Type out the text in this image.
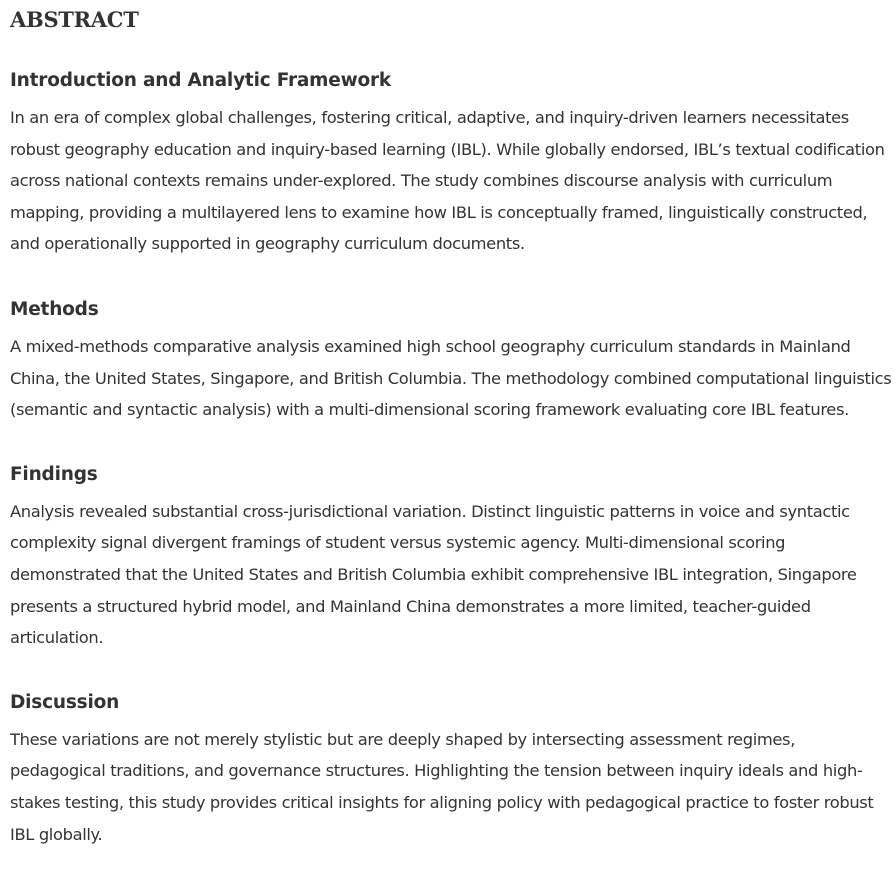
ABSTRACT
Introduction and Analytic Framework

In an era of complex global challenges, fostering critical, adaptive, and inquiry-driven learners necessitates robust geography education and inquiry-based learning (IBL). While globally endorsed, IBL’s textual codification across national contexts remains under-explored. The study combines discourse analysis with curriculum mapping, providing a multilayered lens to examine how IBL is conceptually framed, linguistically constructed, and operationally supported in geography curriculum documents.

Methods

A mixed-methods comparative analysis examined high school geography curriculum standards in Mainland China, the United States, Singapore, and British Columbia. The methodology combined computational linguistics (semantic and syntactic analysis) with a multi-dimensional scoring framework evaluating core IBL features.

Findings

Analysis revealed substantial cross-jurisdictional variation. Distinct linguistic patterns in voice and syntactic complexity signal divergent framings of student versus systemic agency. Multi-dimensional scoring demonstrated that the United States and British Columbia exhibit comprehensive IBL integration, Singapore presents a structured hybrid model, and Mainland China demonstrates a more limited, teacher-guided articulation.

Discussion

These variations are not merely stylistic but are deeply shaped by intersecting assessment regimes, pedagogical traditions, and governance structures. Highlighting the tension between inquiry ideals and high-stakes testing, this study provides critical insights for aligning policy with pedagogical practice to foster robust IBL globally.
